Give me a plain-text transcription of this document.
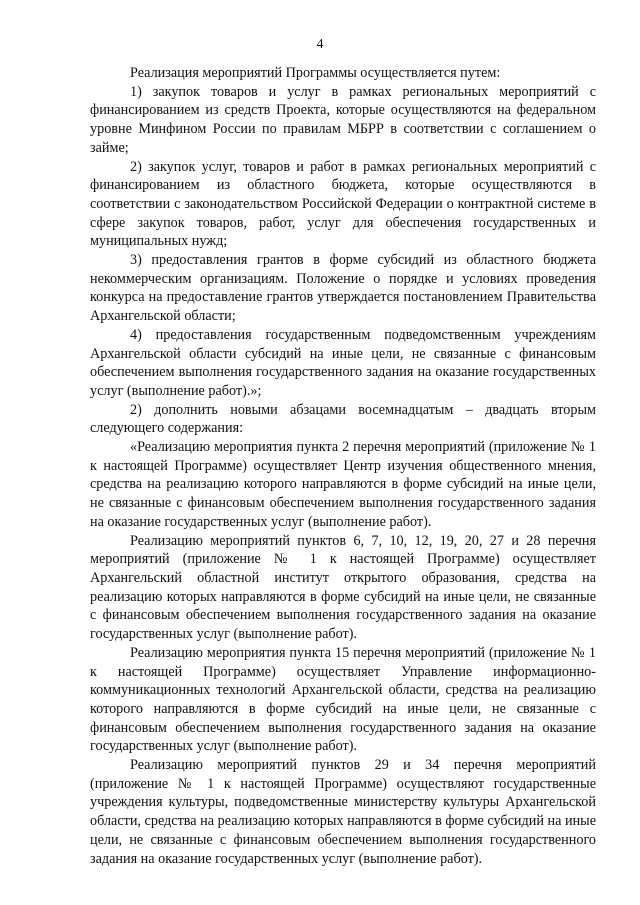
4

Реализация мероприятий Программы осуществляется путем:

1) закупок товаров и услуг в рамках региональных мероприятий с финансированием из средств Проекта, которые осуществляются на федеральном уровне Минфином России по правилам МБРР в соответствии с соглашением о займе;

2) закупок услуг, товаров и работ в рамках региональных мероприятий с финансированием из областного бюджета, которые осуществляются в соответствии с законодательством Российской Федерации о контрактной системе в сфере закупок товаров, работ, услуг для обеспечения государственных и муниципальных нужд;

3) предоставления грантов в форме субсидий из областного бюджета некоммерческим организациям. Положение о порядке и условиях проведения конкурса на предоставление грантов утверждается постановлением Правительства Архангельской области;

4) предоставления государственным подведомственным учреждениям Архангельской области субсидий на иные цели, не связанные с финансовым обеспечением выполнения государственного задания на оказание государственных услуг (выполнение работ).»;

2) дополнить новыми абзацами восемнадцатым – двадцать вторым следующего содержания:

«Реализацию мероприятия пункта 2 перечня мероприятий (приложение № 1 к настоящей Программе) осуществляет Центр изучения общественного мнения, средства на реализацию которого направляются в форме субсидий на иные цели, не связанные с финансовым обеспечением выполнения государственного задания на оказание государственных услуг (выполнение работ).

Реализацию мероприятий пунктов 6, 7, 10, 12, 19, 20, 27 и 28 перечня мероприятий (приложение № 1 к настоящей Программе) осуществляет Архангельский областной институт открытого образования, средства на реализацию которых направляются в форме субсидий на иные цели, не связанные с финансовым обеспечением выполнения государственного задания на оказание государственных услуг (выполнение работ).

Реализацию мероприятия пункта 15 перечня мероприятий (приложение № 1 к настоящей Программе) осуществляет Управление информационно-коммуникационных технологий Архангельской области, средства на реализацию которого направляются в форме субсидий на иные цели, не связанные с финансовым обеспечением выполнения государственного задания на оказание государственных услуг (выполнение работ).

Реализацию мероприятий пунктов 29 и 34 перечня мероприятий (приложение № 1 к настоящей Программе) осуществляют государственные учреждения культуры, подведомственные министерству культуры Архангельской области, средства на реализацию которых направляются в форме субсидий на иные цели, не связанные с финансовым обеспечением выполнения государственного задания на оказание государственных услуг (выполнение работ).
